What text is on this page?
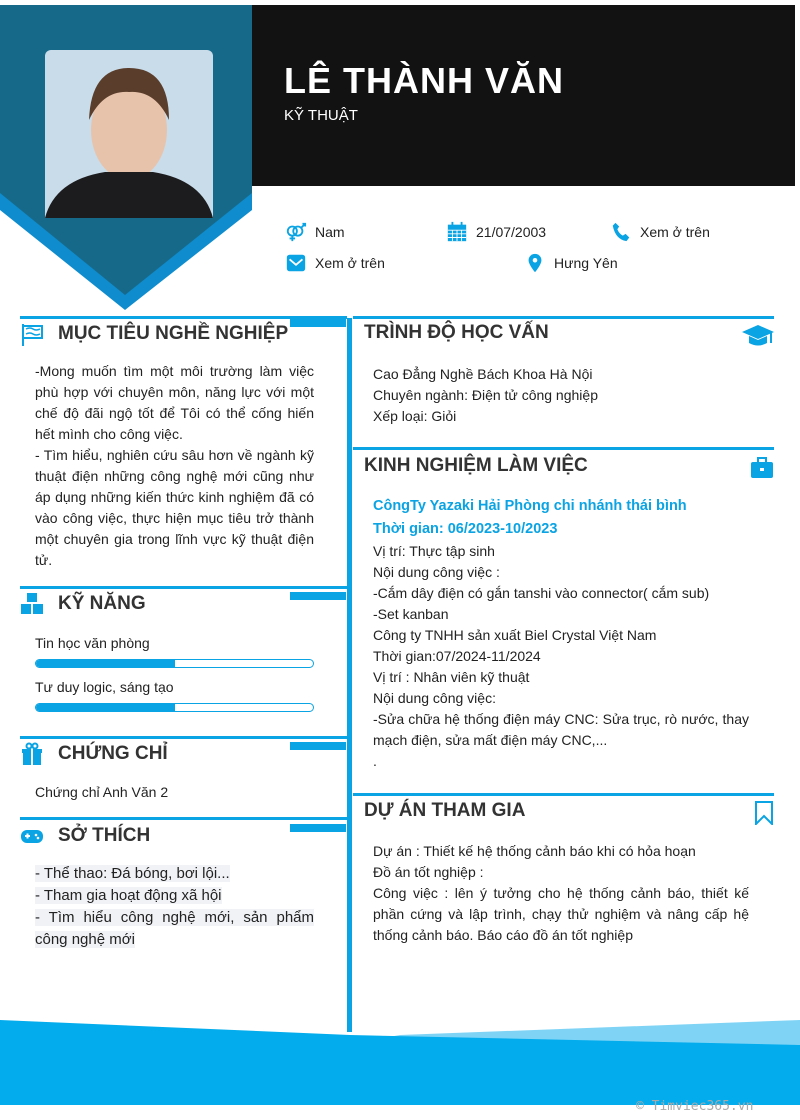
LÊ THÀNH VĂN
KỸ THUẬT
Nam	21/07/2003	Xem ở trên
Xem ở trên	Hưng Yên
MỤC TIÊU NGHỀ NGHIỆP
-Mong muốn tìm một môi trường làm việc phù hợp với chuyên môn, năng lực với một chế độ đãi ngộ tốt để Tôi có thể cống hiến hết mình cho công việc.
- Tìm hiểu, nghiên cứu sâu hơn về ngành kỹ thuật điện những công nghệ mới cũng như áp dụng những kiến thức kinh nghiệm đã có vào công việc, thực hiện mục tiêu trở thành một chuyên gia trong lĩnh vực kỹ thuật điện tử.
KỸ NĂNG
Tin học văn phòng
Tư duy logic, sáng tạo
CHỨNG CHỈ
Chứng chỉ Anh Văn 2
SỞ THÍCH
- Thể thao: Đá bóng, bơi lội...
- Tham gia hoạt động xã hội
- Tìm hiểu công nghệ mới, sản phẩm công nghệ mới
TRÌNH ĐỘ HỌC VẤN
Cao Đẳng Nghề Bách Khoa Hà Nội
Chuyên ngành: Điện tử công nghiệp
Xếp loại: Giỏi
KINH NGHIỆM LÀM VIỆC
CôngTy Yazaki Hải Phòng chi nhánh thái bình
Thời gian: 06/2023-10/2023
Vị trí: Thực tập sinh
Nội dung công việc :
-Cắm dây điện có gắn tanshi vào connector( cắm sub)
-Set kanban
Công ty TNHH sản xuất Biel Crystal Việt Nam
Thời gian:07/2024-11/2024
Vị trí : Nhân viên kỹ thuật
Nội dung công việc:
-Sửa chữa hệ thống điện máy CNC: Sửa trục, rò nước, thay mạch điện, sửa mất điện máy CNC,...
.
DỰ ÁN THAM GIA
Dự án : Thiết kế hệ thống cảnh báo khi có hỏa hoạn
Đồ án tốt nghiệp :
Công việc : lên ý tưởng cho hệ thống cảnh báo, thiết kế phần cứng và lập trình, chạy thử nghiệm và nâng cấp hệ thống cảnh báo. Báo cáo đồ án tốt nghiệp
© Timviec365.vn
